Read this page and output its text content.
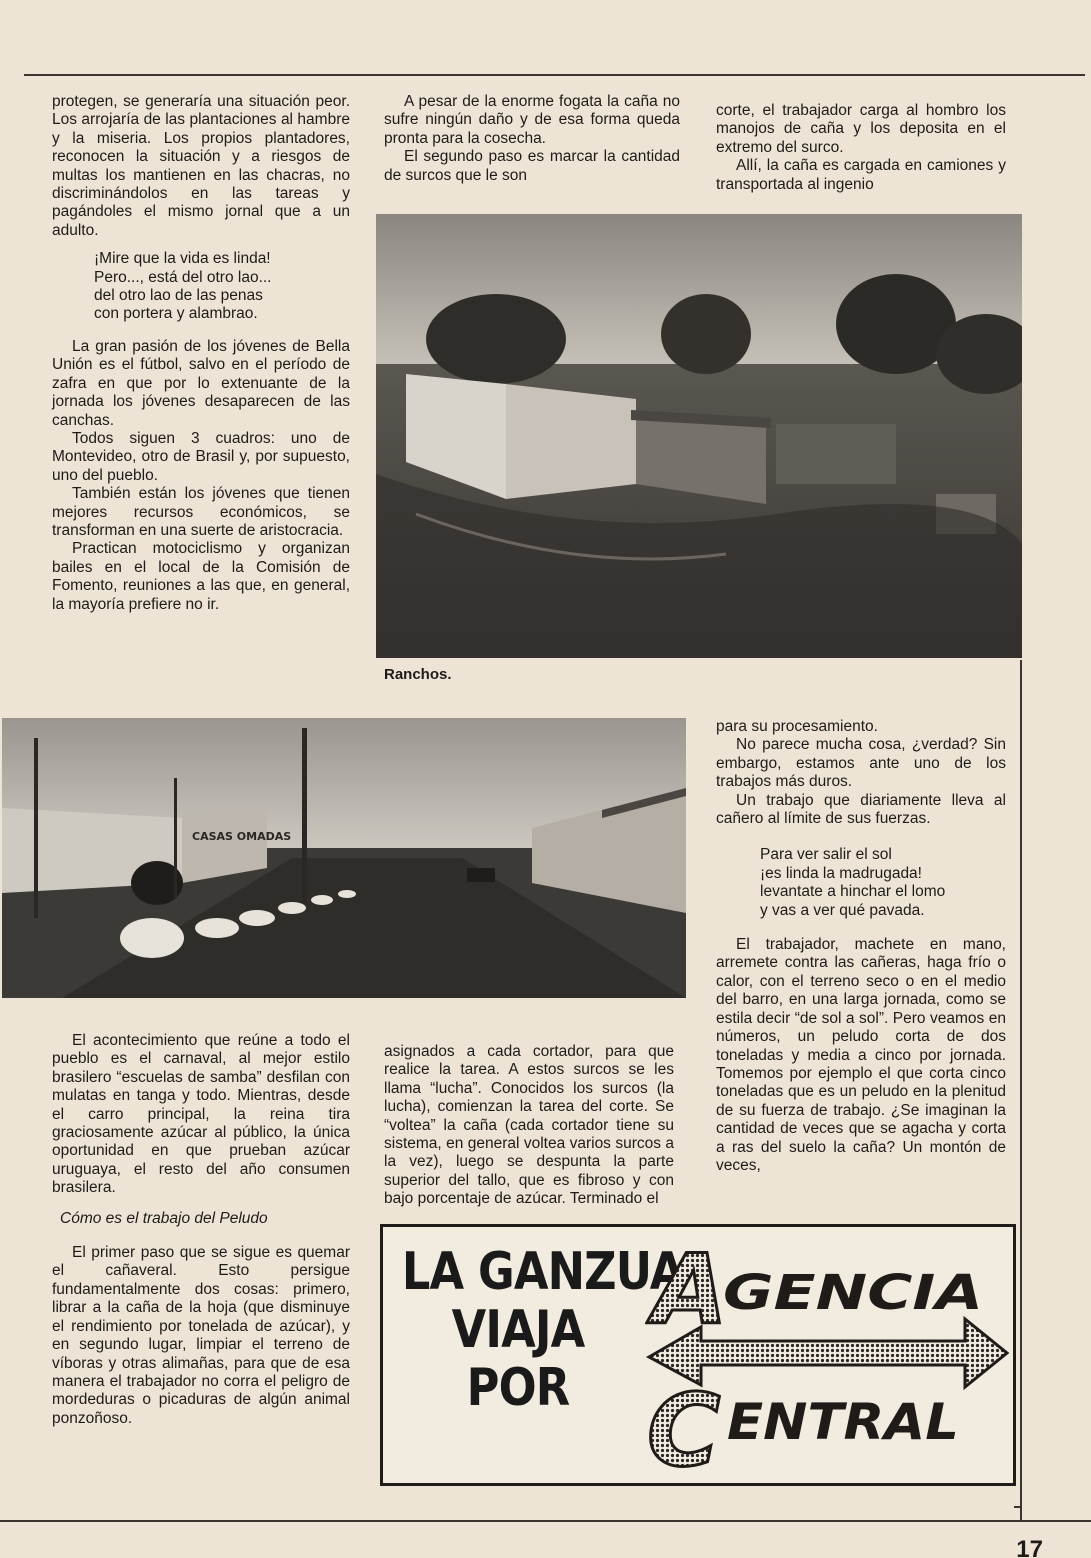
protegen, se generaría una situación peor. Los arrojaría de las plantaciones al hambre y la miseria. Los propios plantadores, reconocen la situación y a riesgos de multas los mantienen en las chacras, no discriminándolos en las tareas y pagándoles el mismo jornal que a un adulto.

¡Mire que la vida es linda!
Pero..., está del otro lao...
del otro lao de las penas
con portera y alambrao.

La gran pasión de los jóvenes de Bella Unión es el fútbol, salvo en el período de zafra en que por lo extenuante de la jornada los jóvenes desaparecen de las canchas.

Todos siguen 3 cuadros: uno de Montevideo, otro de Brasil y, por supuesto, uno del pueblo.

También están los jóvenes que tienen mejores recursos económicos, se transforman en una suerte de aristocracia.

Practican motociclismo y organizan bailes en el local de la Comisión de Fomento, reuniones a las que, en general, la mayoría prefiere no ir.

A pesar de la enorme fogata la caña no sufre ningún daño y de esa forma queda pronta para la cosecha.

El segundo paso es marcar la cantidad de surcos que le son

corte, el trabajador carga al hombro los manojos de caña y los deposita en el extremo del surco.

Allí, la caña es cargada en camiones y transportada al ingenio

Ranchos.
CASAS OMADAS

para su procesamiento.

No parece mucha cosa, ¿verdad? Sin embargo, estamos ante uno de los trabajos más duros.

Un trabajo que diariamente lleva al cañero al límite de sus fuerzas.

Para ver salir el sol
¡es linda la madrugada!
levantate a hinchar el lomo
y vas a ver qué pavada.

El trabajador, machete en mano, arremete contra las cañeras, haga frío o calor, con el terreno seco o en el medio del barro, en una larga jornada, como se estila decir “de sol a sol”. Pero veamos en números, un peludo corta de dos toneladas y media a cinco por jornada. Tomemos por ejemplo el que corta cinco toneladas que es un peludo en la plenitud de su fuerza de trabajo. ¿Se imaginan la cantidad de veces que se agacha y corta a ras del suelo la caña? Un montón de veces,

El acontecimiento que reúne a todo el pueblo es el carnaval, al mejor estilo brasilero “escuelas de samba” desfilan con mulatas en tanga y todo. Mientras, desde el carro principal, la reina tira graciosamente azúcar al público, la única oportunidad en que prueban azúcar uruguaya, el resto del año consumen brasilera.

Cómo es el trabajo del Peludo

El primer paso que se sigue es quemar el cañaveral. Esto persigue fundamentalmente dos cosas: primero, librar a la caña de la hoja (que disminuye el rendimiento por tonelada de azúcar), y en segundo lugar, limpiar el terreno de víboras y otras alimañas, para que de esa manera el trabajador no corra el peligro de mordeduras o picaduras de algún animal ponzoñoso.

asignados a cada cortador, para que realice la tarea. A estos surcos se les llama “lucha”. Conocidos los surcos (la lucha), comienzan la tarea del corte. Se “voltea” la caña (cada cortador tiene su sistema, en general voltea varios surcos a la vez), luego se despunta la parte superior del tallo, que es fibroso y con bajo porcentaje de azúcar. Terminado el

LA GANZUA
VIAJA
POR
A
GENCIA
C ENTRAL
17
